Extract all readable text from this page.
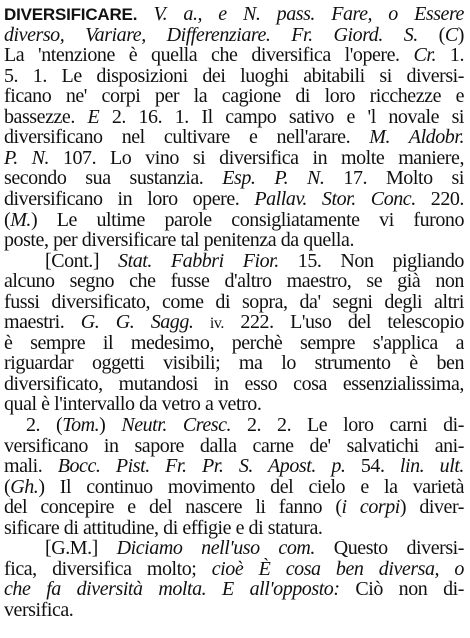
DIVERSIFICARE. V. a., e N. pass. Fare, o Essere
diverso, Variare, Differenziare. Fr. Giord. S. (C)
La 'ntenzione è quella che diversifica l'opere. Cr. 1.
5. 1. Le disposizioni dei luoghi abitabili si diversi-
ficano ne' corpi per la cagione di loro ricchezze e
bassezze. E 2. 16. 1. Il campo sativo e 'l novale si
diversificano nel cultivare e nell'arare. M. Aldobr.
P. N. 107. Lo vino si diversifica in molte maniere,
secondo sua sustanzia. Esp. P. N. 17. Molto si
diversificano in loro opere. Pallav. Stor. Conc. 220.
(M.) Le ultime parole consigliatamente vi furono
poste, per diversificare tal penitenza da quella.
[Cont.] Stat. Fabbri Fior. 15. Non pigliando
alcuno segno che fusse d'altro maestro, se già non
fussi diversificato, come di sopra, da' segni degli altri
maestri. G. G. Sagg. iv. 222. L'uso del telescopio
è sempre il medesimo, perchè sempre s'applica a
riguardar oggetti visibili; ma lo strumento è ben
diversificato, mutandosi in esso cosa essenzialissima,
qual è l'intervallo da vetro a vetro.
2. (Tom.) Neutr. Cresc. 2. 2. Le loro carni di-
versificano in sapore dalla carne de' salvatichi ani-
mali. Bocc. Pist. Fr. Pr. S. Apost. p. 54. lin. ult.
(Gh.) Il continuo movimento del cielo e la varietà
del concepire e del nascere li fanno (i corpi) diver-
sificare di attitudine, di effigie e di statura.
[G.M.] Diciamo nell'uso com. Questo diversi-
fica, diversifica molto; cioè È cosa ben diversa, o
che fa diversità molta. E all'opposto: Ciò non di-
versifica.
